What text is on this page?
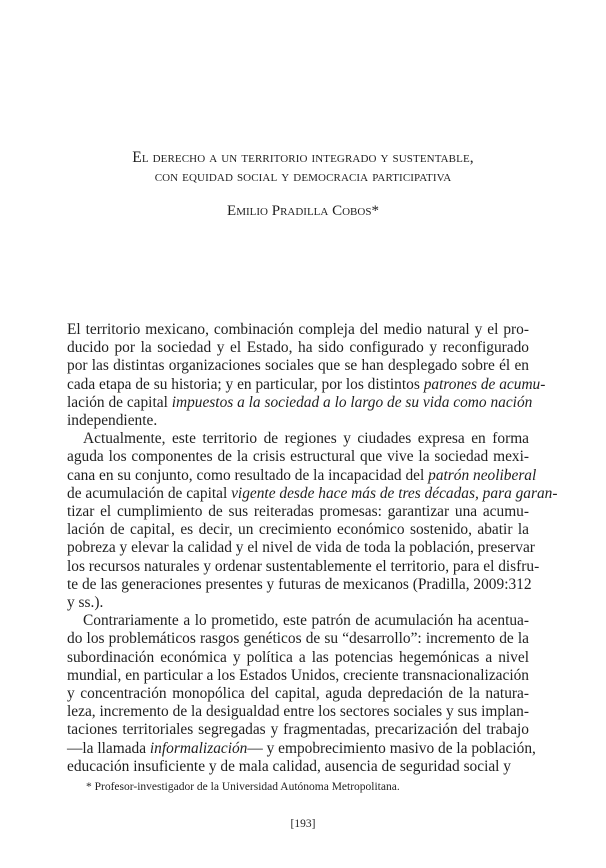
El derecho a un territorio integrado y sustentable,
con equidad social y democracia participativa
Emilio Pradilla Cobos*
El territorio mexicano, combinación compleja del medio natural y el pro-
ducido por la sociedad y el Estado, ha sido configurado y reconfigurado
por las distintas organizaciones sociales que se han desplegado sobre él en
cada etapa de su historia; y en particular, por los distintos patrones de acumu-
lación de capital impuestos a la sociedad a lo largo de su vida como nación
independiente.
Actualmente, este territorio de regiones y ciudades expresa en forma
aguda los componentes de la crisis estructural que vive la sociedad mexi-
cana en su conjunto, como resultado de la incapacidad del patrón neoliberal
de acumulación de capital vigente desde hace más de tres décadas, para garan-
tizar el cumplimiento de sus reiteradas promesas: garantizar una acumu-
lación de capital, es decir, un crecimiento económico sostenido, abatir la
pobreza y elevar la calidad y el nivel de vida de toda la población, preservar
los recursos naturales y ordenar sustentablemente el territorio, para el disfru-
te de las generaciones presentes y futuras de mexicanos (Pradilla, 2009:312
y ss.).
Contrariamente a lo prometido, este patrón de acumulación ha acentua-
do los problemáticos rasgos genéticos de su “desarrollo”: incremento de la
subordinación económica y política a las potencias hegemónicas a nivel
mundial, en particular a los Estados Unidos, creciente transnacionalización
y concentración monopólica del capital, aguda depredación de la natura-
leza, incremento de la desigualdad entre los sectores sociales y sus implan-
taciones territoriales segregadas y fragmentadas, precarización del trabajo
—la llamada informalización— y empobrecimiento masivo de la población,
educación insuficiente y de mala calidad, ausencia de seguridad social y
* Profesor-investigador de la Universidad Autónoma Metropolitana.
[193]
